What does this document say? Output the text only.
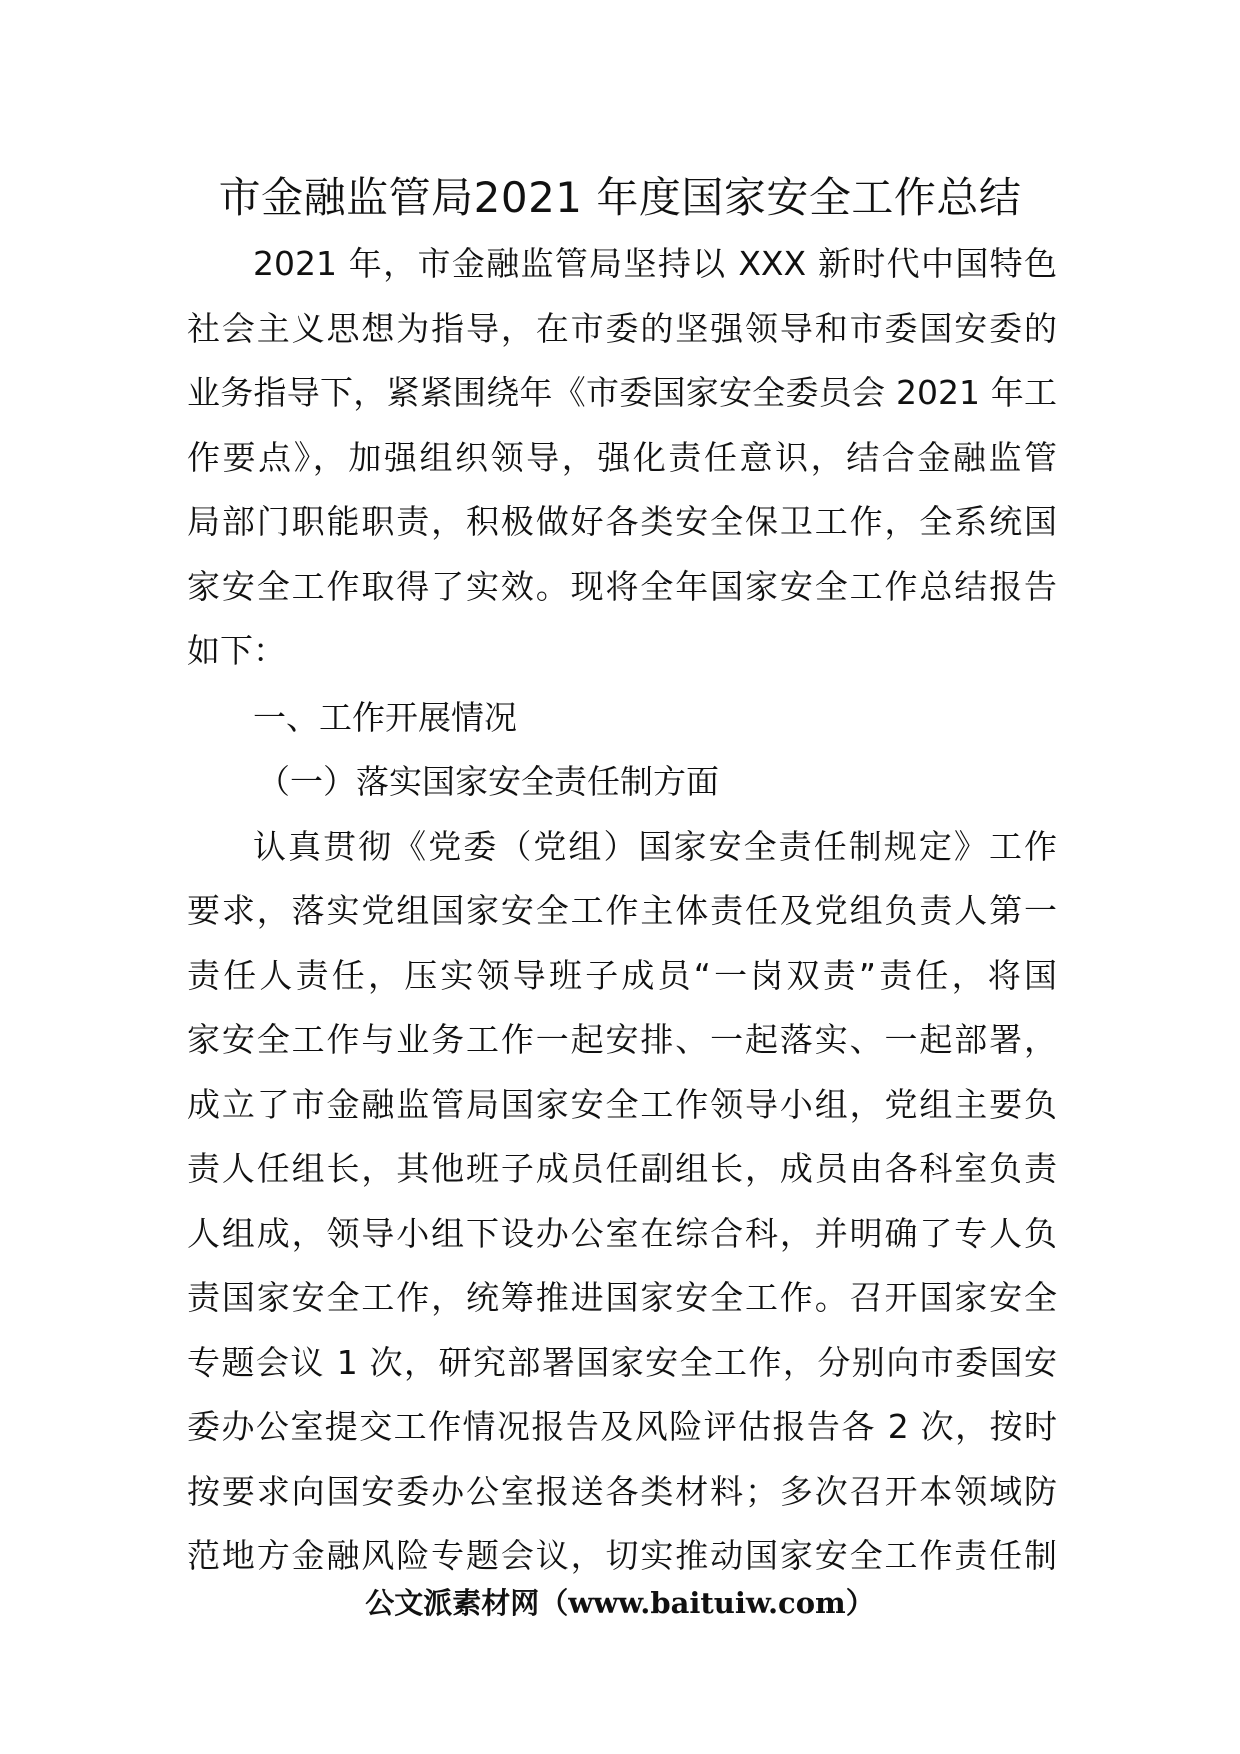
市金融监管局2021 年度国家安全工作总结

2021 年，市金融监管局坚持以 XXX 新时代中国特色
社会主义思想为指导，在市委的坚强领导和市委国安委的
业务指导下，紧紧围绕年《市委国家安全委员会 2021 年工
作要点》，加强组织领导，强化责任意识，结合金融监管
局部门职能职责，积极做好各类安全保卫工作，全系统国
家安全工作取得了实效。现将全年国家安全工作总结报告
如下：

一、工作开展情况

（一）落实国家安全责任制方面

认真贯彻《党委（党组）国家安全责任制规定》工作
要求，落实党组国家安全工作主体责任及党组负责人第一
责任人责任，压实领导班子成员“一岗双责”责任，将国
家安全工作与业务工作一起安排、一起落实、一起部署，
成立了市金融监管局国家安全工作领导小组，党组主要负
责人任组长，其他班子成员任副组长，成员由各科室负责
人组成，领导小组下设办公室在综合科，并明确了专人负
责国家安全工作，统筹推进国家安全工作。召开国家安全
专题会议 1 次，研究部署国家安全工作，分别向市委国安
委办公室提交工作情况报告及风险评估报告各 2 次，按时
按要求向国安委办公室报送各类材料；多次召开本领域防
范地方金融风险专题会议，切实推动国家安全工作责任制

公文派素材网（www.baituiw.com）
